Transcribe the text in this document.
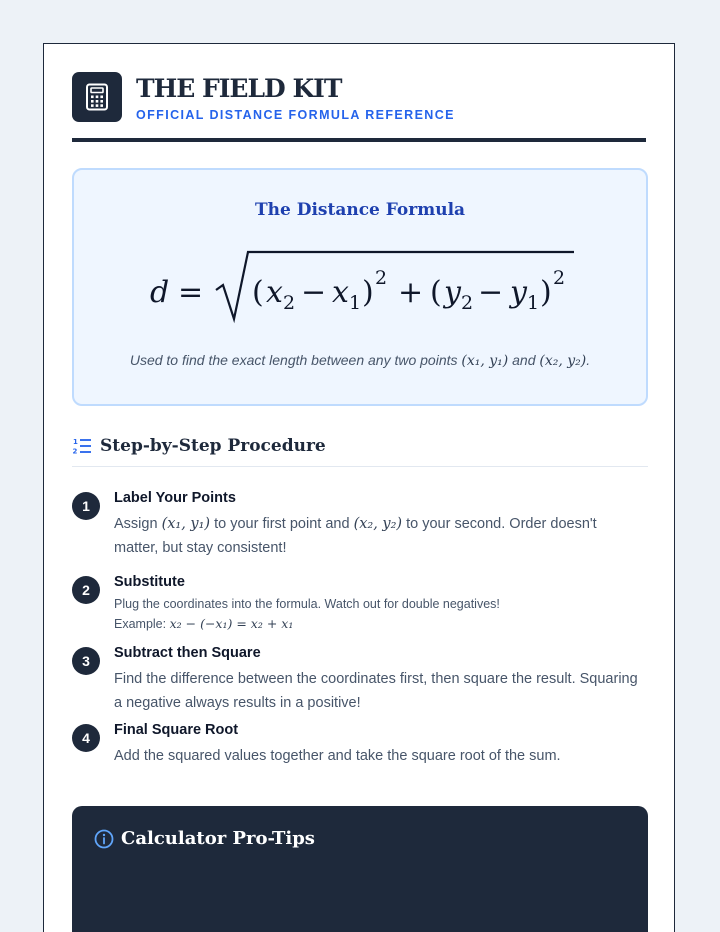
THE FIELD KIT
OFFICIAL DISTANCE FORMULA REFERENCE
The Distance Formula
d = ( x 2 − x 1 ) 2 + ( y 2 − y 1 ) 2
Used to find the exact length between any two points (x₁, y₁) and (x₂, y₂).
1
2 Step-by-Step Procedure
1	Label Your Points
Assign (x₁, y₁) to your first point and (x₂, y₂) to your second. Order doesn't matter, but stay consistent!
2	Substitute
Plug the coordinates into the formula. Watch out for double negatives!
Example: x₂ − (−x₁) = x₂ + x₁
3	Subtract then Square
Find the difference between the coordinates first, then square the result. Squaring a negative always results in a positive!
4	Final Square Root
Add the squared values together and take the square root of the sum.
Calculator Pro-Tips
